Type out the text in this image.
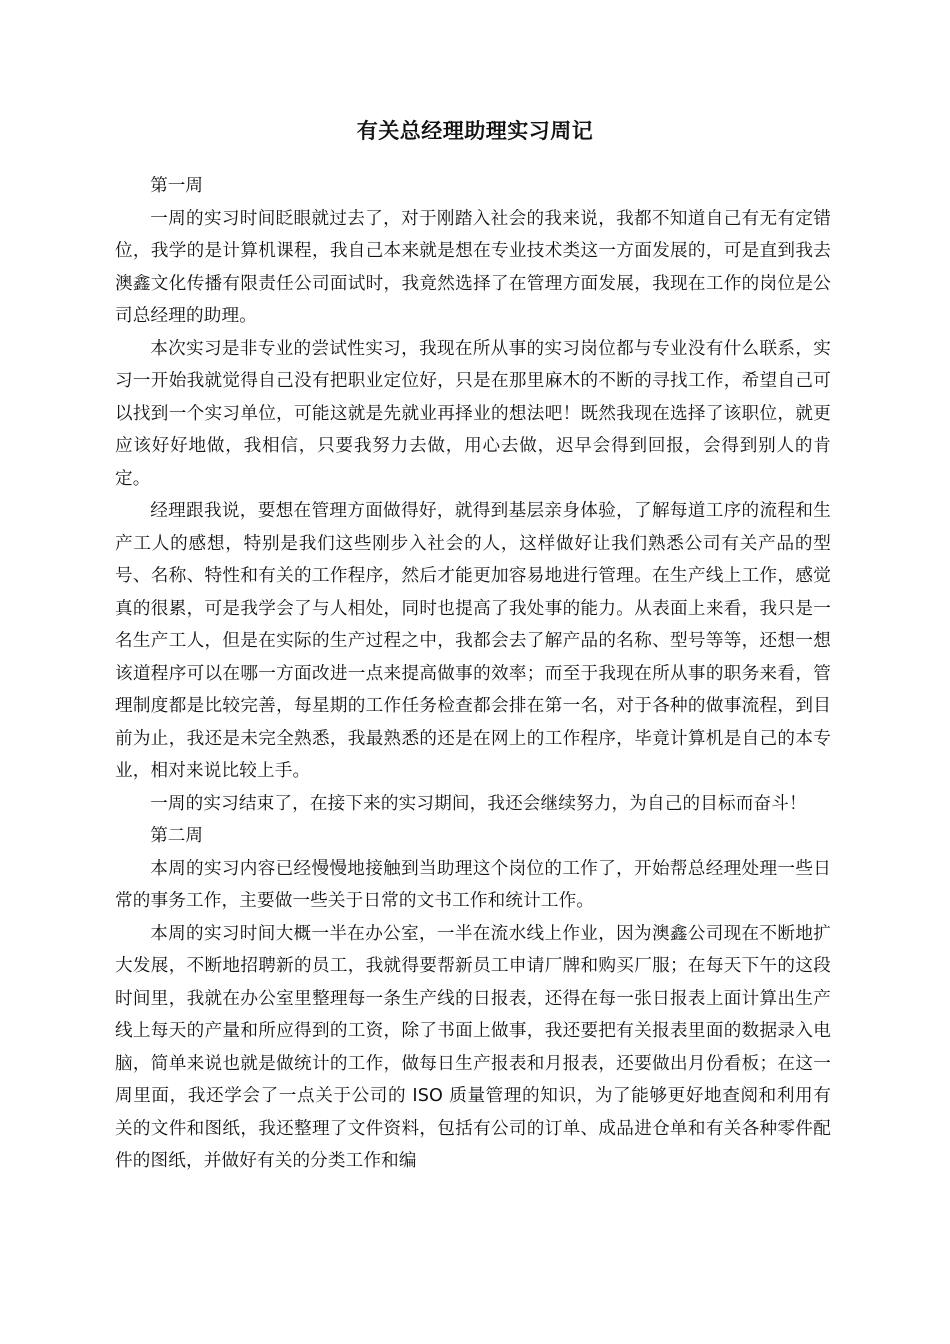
有关总经理助理实习周记

第一周

一周的实习时间眨眼就过去了，对于刚踏入社会的我来说，我都不知道自己有无有定错位，我学的是计算机课程，我自己本来就是想在专业技术类这一方面发展的，可是直到我去澳鑫文化传播有限责任公司面试时，我竟然选择了在管理方面发展，我现在工作的岗位是公司总经理的助理。

本次实习是非专业的尝试性实习，我现在所从事的实习岗位都与专业没有什么联系，实习一开始我就觉得自己没有把职业定位好，只是在那里麻木的不断的寻找工作，希望自己可以找到一个实习单位，可能这就是先就业再择业的想法吧！既然我现在选择了该职位，就更应该好好地做，我相信，只要我努力去做，用心去做，迟早会得到回报，会得到别人的肯定。

经理跟我说，要想在管理方面做得好，就得到基层亲身体验，了解每道工序的流程和生产工人的感想，特别是我们这些刚步入社会的人，这样做好让我们熟悉公司有关产品的型号、名称、特性和有关的工作程序，然后才能更加容易地进行管理。在生产线上工作，感觉真的很累，可是我学会了与人相处，同时也提高了我处事的能力。从表面上来看，我只是一名生产工人，但是在实际的生产过程之中，我都会去了解产品的名称、型号等等，还想一想该道程序可以在哪一方面改进一点来提高做事的效率；而至于我现在所从事的职务来看，管理制度都是比较完善，每星期的工作任务检查都会排在第一名，对于各种的做事流程，到目前为止，我还是未完全熟悉，我最熟悉的还是在网上的工作程序，毕竟计算机是自己的本专业，相对来说比较上手。

一周的实习结束了，在接下来的实习期间，我还会继续努力，为自己的目标而奋斗！

第二周

本周的实习内容已经慢慢地接触到当助理这个岗位的工作了，开始帮总经理处理一些日常的事务工作，主要做一些关于日常的文书工作和统计工作。

本周的实习时间大概一半在办公室，一半在流水线上作业，因为澳鑫公司现在不断地扩大发展，不断地招聘新的员工，我就得要帮新员工申请厂牌和购买厂服；在每天下午的这段时间里，我就在办公室里整理每一条生产线的日报表，还得在每一张日报表上面计算出生产线上每天的产量和所应得到的工资，除了书面上做事，我还要把有关报表里面的数据录入电脑，简单来说也就是做统计的工作，做每日生产报表和月报表，还要做出月份看板；在这一周里面，我还学会了一点关于公司的 ISO 质量管理的知识，为了能够更好地查阅和利用有关的文件和图纸，我还整理了文件资料，包括有公司的订单、成品进仓单和有关各种零件配件的图纸，并做好有关的分类工作和编
